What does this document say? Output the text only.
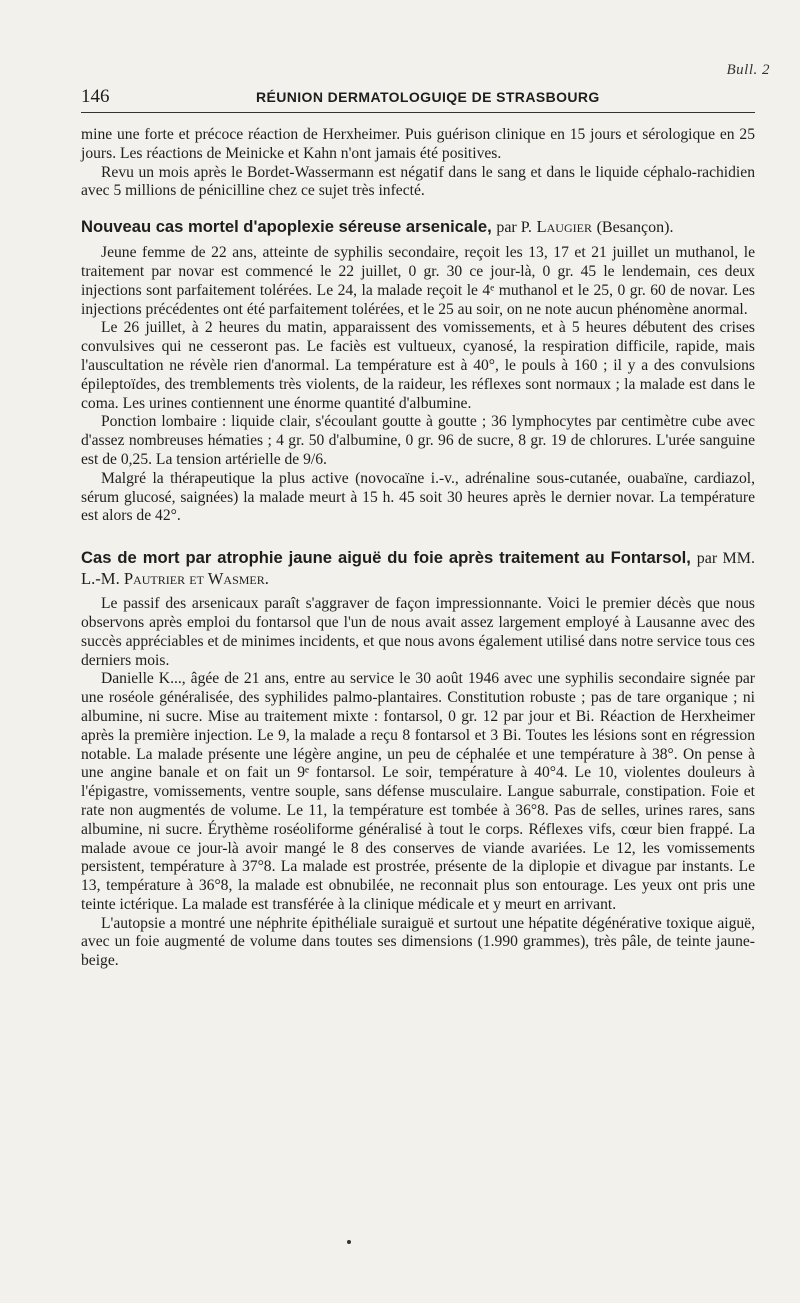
Bull. 2
146	RÉUNION DERMATOLOGUIQE DE STRASBOURG

mine une forte et précoce réaction de Herxheimer. Puis guérison clinique en 15 jours et sérologique en 25 jours. Les réactions de Meinicke et Kahn n'ont jamais été positives.

Revu un mois après le Bordet-Wassermann est négatif dans le sang et dans le liquide céphalo-rachidien avec 5 millions de pénicilline chez ce sujet très infecté.

Nouveau cas mortel d'apoplexie séreuse arsenicale, par P. Laugier (Besançon).

Jeune femme de 22 ans, atteinte de syphilis secondaire, reçoit les 13, 17 et 21 juillet un muthanol, le traitement par novar est commencé le 22 juillet, 0 gr. 30 ce jour-là, 0 gr. 45 le lendemain, ces deux injections sont parfaitement tolérées. Le 24, la malade reçoit le 4ᵉ muthanol et le 25, 0 gr. 60 de novar. Les injections précédentes ont été parfaitement tolérées, et le 25 au soir, on ne note aucun phénomène anormal.

Le 26 juillet, à 2 heures du matin, apparaissent des vomissements, et à 5 heures débutent des crises convulsives qui ne cesseront pas. Le faciès est vultueux, cyanosé, la respiration difficile, rapide, mais l'auscultation ne révèle rien d'anormal. La température est à 40°, le pouls à 160 ; il y a des convulsions épileptoïdes, des tremblements très violents, de la raideur, les réflexes sont normaux ; la malade est dans le coma. Les urines contiennent une énorme quantité d'albumine.

Ponction lombaire : liquide clair, s'écoulant goutte à goutte ; 36 lymphocytes par centimètre cube avec d'assez nombreuses hématies ; 4 gr. 50 d'albumine, 0 gr. 96 de sucre, 8 gr. 19 de chlorures. L'urée sanguine est de 0,25. La tension artérielle de 9/6.

Malgré la thérapeutique la plus active (novocaïne i.-v., adrénaline sous-cutanée, ouabaïne, cardiazol, sérum glucosé, saignées) la malade meurt à 15 h. 45 soit 30 heures après le dernier novar. La température est alors de 42°.

Cas de mort par atrophie jaune aiguë du foie après traitement au Fontarsol, par MM. L.-M. Pautrier et Wasmer.

Le passif des arsenicaux paraît s'aggraver de façon impressionnante. Voici le premier décès que nous observons après emploi du fontarsol que l'un de nous avait assez largement employé à Lausanne avec des succès appréciables et de minimes incidents, et que nous avons également utilisé dans notre service tous ces derniers mois.

Danielle K..., âgée de 21 ans, entre au service le 30 août 1946 avec une syphilis secondaire signée par une roséole généralisée, des syphilides palmo-plantaires. Constitution robuste ; pas de tare organique ; ni albumine, ni sucre. Mise au traitement mixte : fontarsol, 0 gr. 12 par jour et Bi. Réaction de Herxheimer après la première injection. Le 9, la malade a reçu 8 fontarsol et 3 Bi. Toutes les lésions sont en régression notable. La malade présente une légère angine, un peu de céphalée et une température à 38°. On pense à une angine banale et on fait un 9ᵉ fontarsol. Le soir, température à 40°4. Le 10, violentes douleurs à l'épigastre, vomissements, ventre souple, sans défense musculaire. Langue saburrale, constipation. Foie et rate non augmentés de volume. Le 11, la température est tombée à 36°8. Pas de selles, urines rares, sans albumine, ni sucre. Érythème roséoliforme généralisé à tout le corps. Réflexes vifs, cœur bien frappé. La malade avoue ce jour-là avoir mangé le 8 des conserves de viande avariées. Le 12, les vomissements persistent, température à 37°8. La malade est prostrée, présente de la diplopie et divague par instants. Le 13, température à 36°8, la malade est obnubilée, ne reconnait plus son entourage. Les yeux ont pris une teinte ictérique. La malade est transférée à la clinique médicale et y meurt en arrivant.

L'autopsie a montré une néphrite épithéliale suraiguë et surtout une hépatite dégénérative toxique aiguë, avec un foie augmenté de volume dans toutes ses dimensions (1.990 grammes), très pâle, de teinte jaune-beige.
